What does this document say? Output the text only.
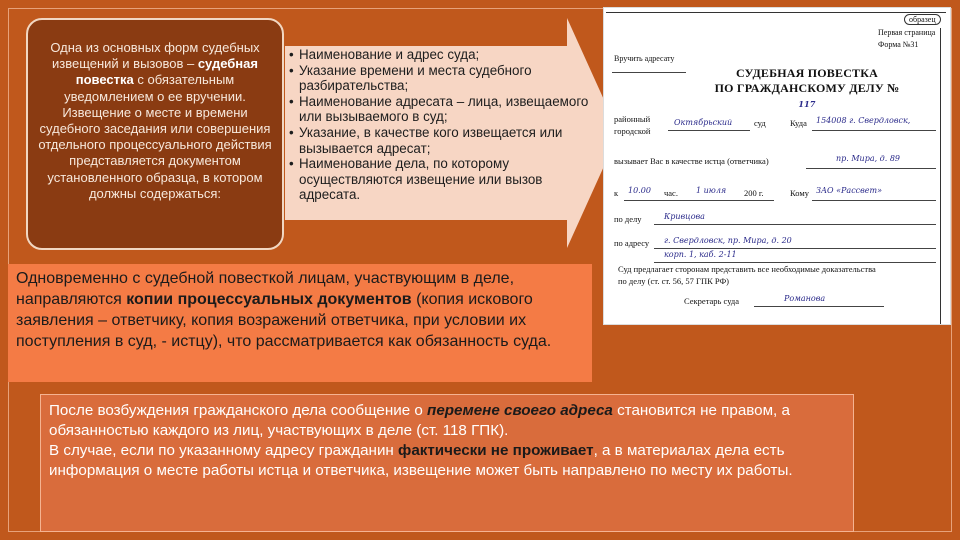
Одна из основных форм судебных извещений и вызовов – судебная повестка с обязательным уведомлением о ее вручении. Извещение о месте и времени судебного заседания или совершения отдельного процессуального действия представляется документом установленного образца, в котором должны содержаться:
• Наименование и адрес суда;
• Указание времени и места судебного разбирательства;
• Наименование адресата – лица, извещаемого или вызываемого в суд;
• Указание, в качестве кого извещается или вызывается адресат;
• Наименование дела, по которому осуществляются извещение или вызов адресата.
образец
Первая страница
Форма №31
Вручить адресату
СУДЕБНАЯ ПОВЕСТКА
ПО ГРАЖДАНСКОМУ ДЕЛУ № 117
районный
городской
Октябрьский	суд	Куда 154008 г. Свердловск,
вызывает Вас в качестве истца (ответчика)	пр. Мира, д. 89
к 10.00 час. 1 июля 200 г.	Кому ЗАО «Рассвет»
по делу	Кривцова
по адресу г. Свердловск, пр. Мира, д. 20
корп. 1, каб. 2-11
Суд предлагает сторонам представить все необходимые доказательства
по делу (ст. ст. 56, 57 ГПК РФ)
Секретарь суда	Романова
Одновременно с судебной повесткой лицам, участвующим в деле, направляются копии процессуальных документов (копия искового заявления – ответчику, копия возражений ответчика, при условии их поступления в суд, - истцу), что рассматривается как обязанность суда.
После возбуждения гражданского дела сообщение о перемене своего адреса становится не правом, а обязанностью каждого из лиц, участвующих в деле (ст. 118 ГПК).
В случае, если по указанному адресу гражданин фактически не проживает, а в материалах дела есть информация о месте работы истца и ответчика, извещение может быть направлено по месту их работы.
